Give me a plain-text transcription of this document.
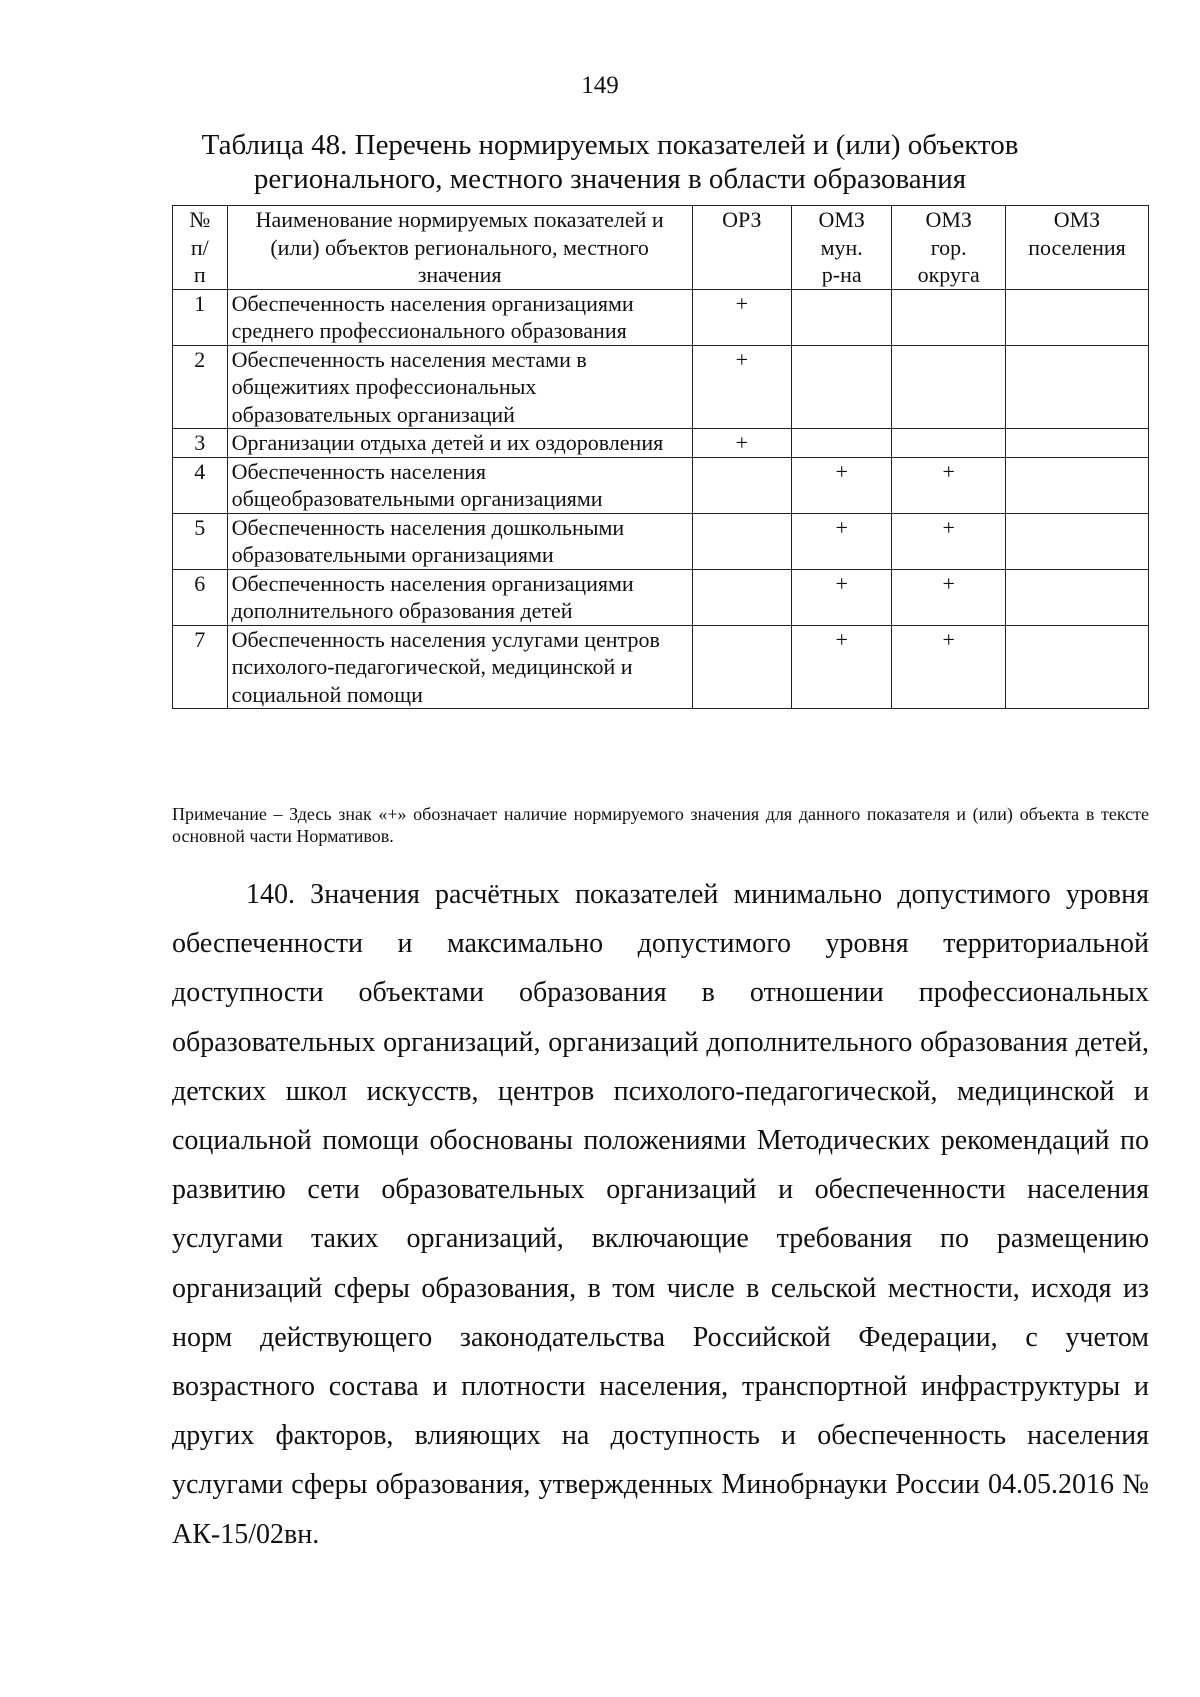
149
Таблица 48. Перечень нормируемых показателей и (или) объектов
регионального, местного значения в области образования
№ п/п	Наименование нормируемых показателей и (или) объектов регионального, местного значения	ОРЗ	ОМЗ мун. р-на	ОМЗ гор. округа	ОМЗ поселения
1	Обеспеченность населения организациями среднего профессионального образования	+			
2	Обеспеченность населения местами в общежитиях профессиональных образовательных организаций	+			
3	Организации отдыха детей и их оздоровления	+			
4	Обеспеченность населения общеобразовательными организациями		+	+	
5	Обеспеченность населения дошкольными образовательными организациями		+	+	
6	Обеспеченность населения организациями дополнительного образования детей		+	+	
7	Обеспеченность населения услугами центров психолого-педагогической, медицинской и социальной помощи		+	+	
Примечание – Здесь знак «+» обозначает наличие нормируемого значения для данного показателя и (или) объекта в тексте основной части Нормативов.

140. Значения расчётных показателей минимально допустимого уровня обеспеченности и максимально допустимого уровня территориальной доступности объектами образования в отношении профессиональных образовательных организаций, организаций дополнительного образования детей, детских школ искусств, центров психолого-педагогической, медицинской и социальной помощи обоснованы положениями Методических рекомендаций по развитию сети образовательных организаций и обеспеченности населения услугами таких организаций, включающие требования по размещению организаций сферы образования, в том числе в сельской местности, исходя из норм действующего законодательства Российской Федерации, с учетом возрастного состава и плотности населения, транспортной инфраструктуры и других факторов, влияющих на доступность и обеспеченность населения услугами сферы образования, утвержденных Минобрнауки России 04.05.2016 № АК-15/02вн.
